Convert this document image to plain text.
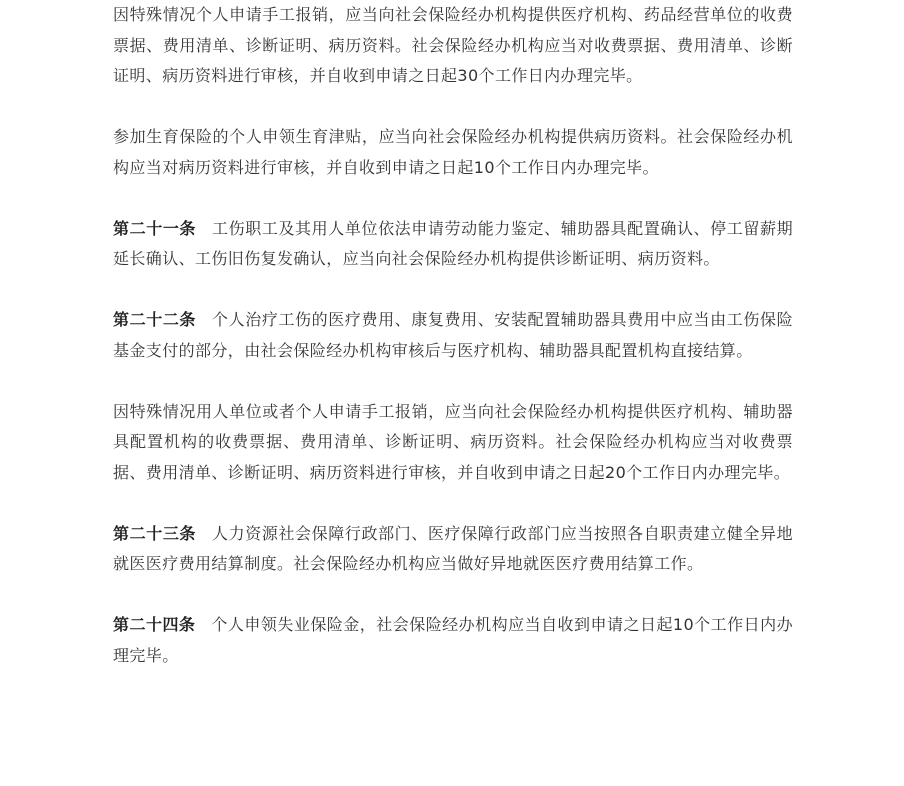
因特殊情况个人申请手工报销，应当向社会保险经办机构提供医疗机构、药品经营单位的收费票据、费用清单、诊断证明、病历资料。社会保险经办机构应当对收费票据、费用清单、诊断证明、病历资料进行审核，并自收到申请之日起30个工作日内办理完毕。

参加生育保险的个人申领生育津贴，应当向社会保险经办机构提供病历资料。社会保险经办机构应当对病历资料进行审核，并自收到申请之日起10个工作日内办理完毕。

第二十一条 工伤职工及其用人单位依法申请劳动能力鉴定、辅助器具配置确认、停工留薪期延长确认、工伤旧伤复发确认，应当向社会保险经办机构提供诊断证明、病历资料。

第二十二条 个人治疗工伤的医疗费用、康复费用、安装配置辅助器具费用中应当由工伤保险基金支付的部分，由社会保险经办机构审核后与医疗机构、辅助器具配置机构直接结算。

因特殊情况用人单位或者个人申请手工报销，应当向社会保险经办机构提供医疗机构、辅助器具配置机构的收费票据、费用清单、诊断证明、病历资料。社会保险经办机构应当对收费票据、费用清单、诊断证明、病历资料进行审核，并自收到申请之日起20个工作日内办理完毕。

第二十三条 人力资源社会保障行政部门、医疗保障行政部门应当按照各自职责建立健全异地就医医疗费用结算制度。社会保险经办机构应当做好异地就医医疗费用结算工作。

第二十四条 个人申领失业保险金，社会保险经办机构应当自收到申请之日起10个工作日内办理完毕。
